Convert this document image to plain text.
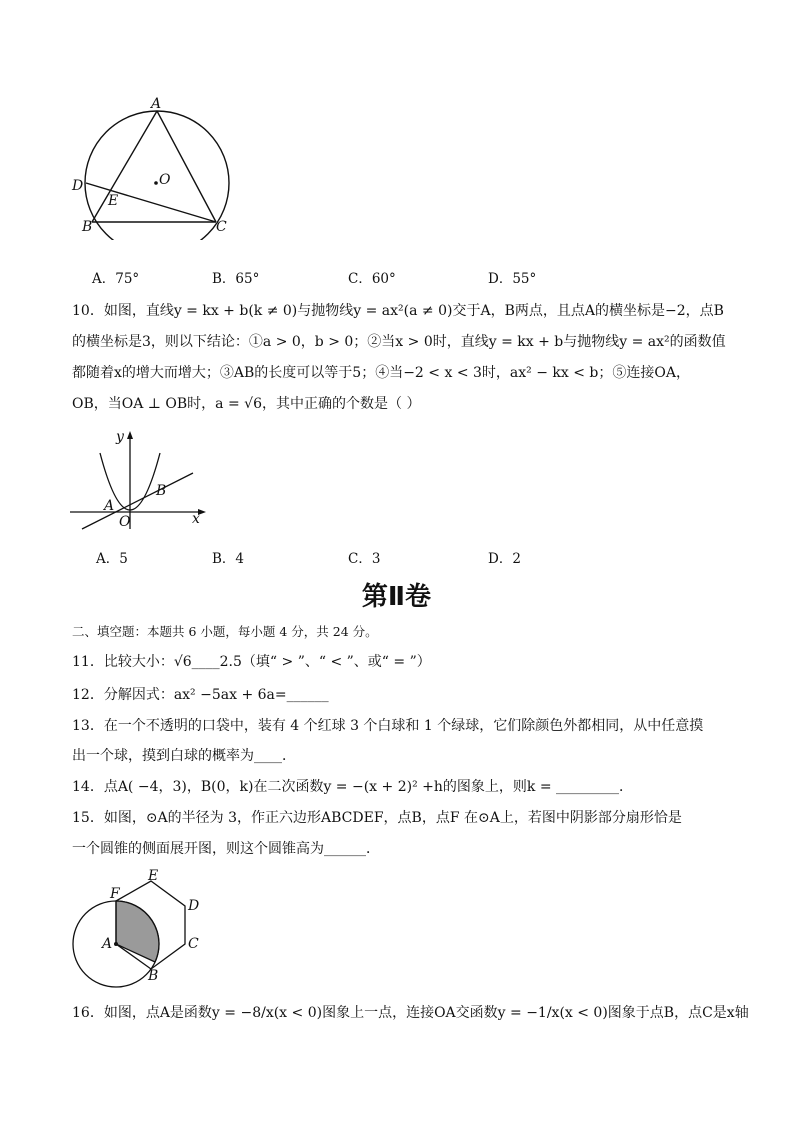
A
O
D
E
B	C
A．75°	B．65°	C．60°	D．55°
10．如图，直线y = kx + b(k ≠ 0)与抛物线y = ax²(a ≠ 0)交于A，B两点，且点A的横坐标是−2，点B
的横坐标是3，则以下结论：①a > 0，b > 0；②当x > 0时，直线y = kx + b与抛物线y = ax²的函数值
都随着x的增大而增大；③AB的长度可以等于5；④当−2 < x < 3时，ax² − kx < b；⑤连接OA，
OB，当OA ⊥ OB时，a = √6，其中正确的个数是（ ）
y
x
A
B
O
A．5	B．4	C．3	D．2
第Ⅱ卷
二、填空题：本题共 6 小题，每小题 4 分，共 24 分。
11．比较大小：√6____2.5（填“ > ”、“ < ”、或“ = ”）
12．分解因式：ax² −5ax + 6a=______
13．在一个不透明的口袋中，装有 4 个红球 3 个白球和 1 个绿球，它们除颜色外都相同，从中任意摸
出一个球，摸到白球的概率为____．
14．点A( −4，3)，B(0，k)在二次函数y = −(x + 2)² +h的图象上，则k = _________．
15．如图，⊙A的半径为 3，作正六边形ABCDEF，点B，点F 在⊙A上，若图中阴影部分扇形恰是
一个圆锥的侧面展开图，则这个圆锥高为______．
F
E
D
C
B
A
16．如图，点A是函数y = −8/x(x < 0)图象上一点，连接OA交函数y = −1/x(x < 0)图象于点B，点C是x轴
